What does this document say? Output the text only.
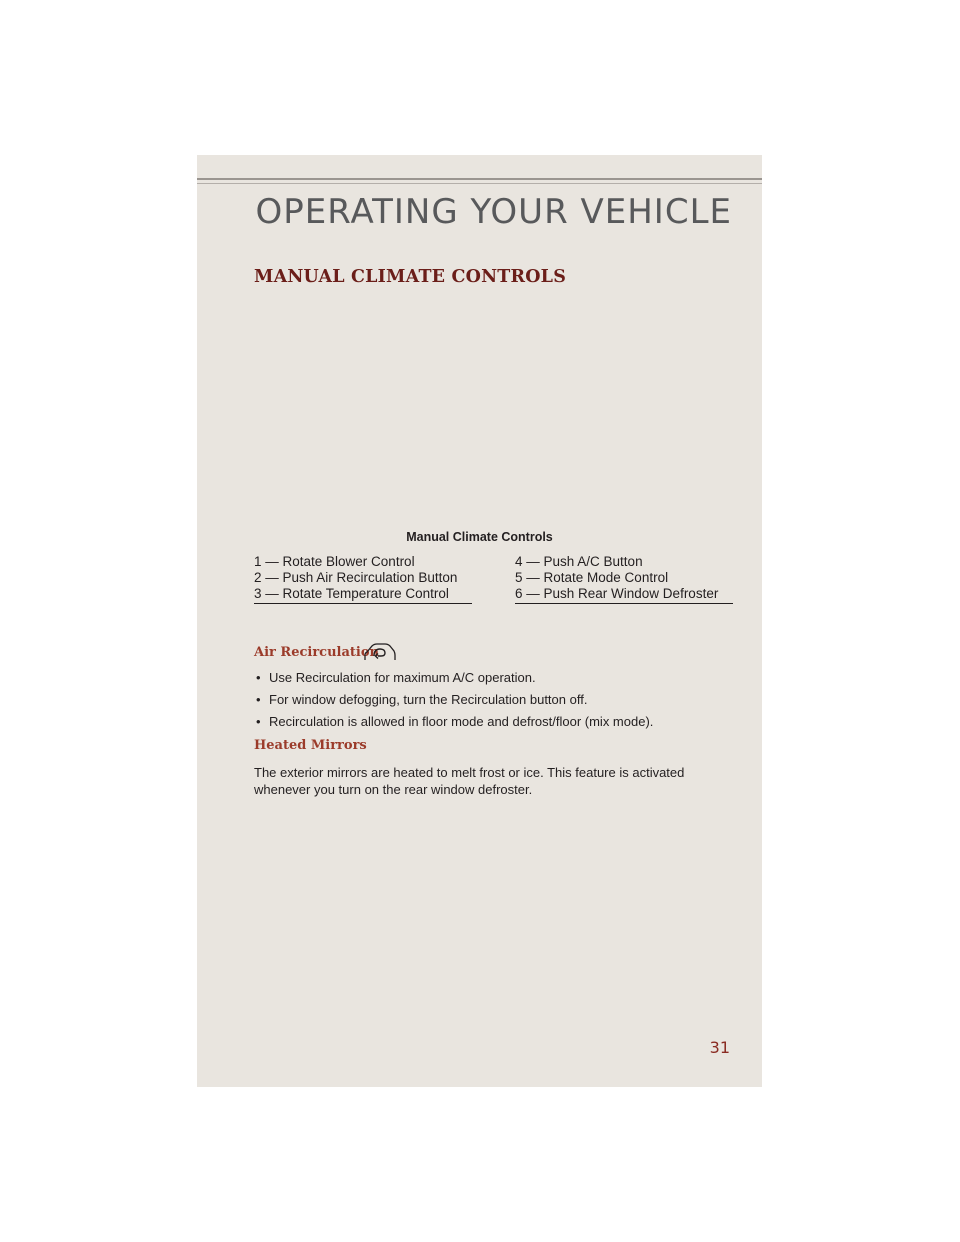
OPERATING YOUR VEHICLE
MANUAL CLIMATE CONTROLS
Manual Climate Controls
1 — Rotate Blower Control
2 — Push Air Recirculation Button
3 — Rotate Temperature Control
4 — Push A/C Button
5 — Rotate Mode Control
6 — Push Rear Window Defroster
Air Recirculation
• Use Recirculation for maximum A/C operation.
• For window defogging, turn the Recirculation button off.
• Recirculation is allowed in floor mode and defrost/floor (mix mode).
Heated Mirrors
The exterior mirrors are heated to melt frost or ice. This feature is activated whenever you turn on the rear window defroster.
31
